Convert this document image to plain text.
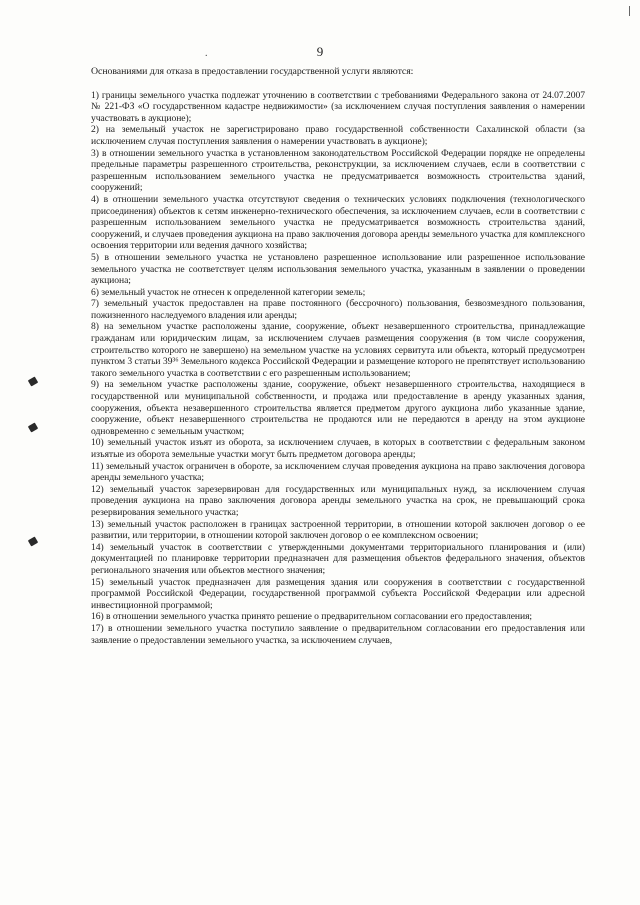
9
.

Основаниями для отказа в предоставлении государственной услуги являются:

1) границы земельного участка подлежат уточнению в соответствии с требованиями Федерального закона от 24.07.2007 № 221-ФЗ «О государственном кадастре недвижимости» (за исключением случая поступления заявления о намерении участвовать в аукционе);

2) на земельный участок не зарегистрировано право государственной собственности Сахалинской области (за исключением случая поступления заявления о намерении участвовать в аукционе);

3) в отношении земельного участка в установленном законодательством Российской Федерации порядке не определены предельные параметры разрешенного строительства, реконструкции, за исключением случаев, если в соответствии с разрешенным использованием земельного участка не предусматривается возможность строительства зданий, сооружений;

4) в отношении земельного участка отсутствуют сведения о технических условиях подключения (технологического присоединения) объектов к сетям инженерно-технического обеспечения, за исключением случаев, если в соответствии с разрешенным использованием земельного участка не предусматривается возможность строительства зданий, сооружений, и случаев проведения аукциона на право заключения договора аренды земельного участка для комплексного освоения территории или ведения дачного хозяйства;

5) в отношении земельного участка не установлено разрешенное использование или разрешенное использование земельного участка не соответствует целям использования земельного участка, указанным в заявлении о проведении аукциона;

6) земельный участок не отнесен к определенной категории земель;

7) земельный участок предоставлен на праве постоянного (бессрочного) пользования, безвозмездного пользования, пожизненного наследуемого владения или аренды;

8) на земельном участке расположены здание, сооружение, объект незавершенного строительства, принадлежащие гражданам или юридическим лицам, за исключением случаев размещения сооружения (в том числе сооружения, строительство которого не завершено) на земельном участке на условиях сервитута или объекта, который предусмотрен пунктом 3 статьи 39³⁶ Земельного кодекса Российской Федерации и размещение которого не препятствует использованию такого земельного участка в соответствии с его разрешенным использованием;

9) на земельном участке расположены здание, сооружение, объект незавершенного строительства, находящиеся в государственной или муниципальной собственности, и продажа или предоставление в аренду указанных здания, сооружения, объекта незавершенного строительства является предметом другого аукциона либо указанные здание, сооружение, объект незавершенного строительства не продаются или не передаются в аренду на этом аукционе одновременно с земельным участком;

10) земельный участок изъят из оборота, за исключением случаев, в которых в соответствии с федеральным законом изъятые из оборота земельные участки могут быть предметом договора аренды;

11) земельный участок ограничен в обороте, за исключением случая проведения аукциона на право заключения договора аренды земельного участка;

12) земельный участок зарезервирован для государственных или муниципальных нужд, за исключением случая проведения аукциона на право заключения договора аренды земельного участка на срок, не превышающий срока резервирования земельного участка;

13) земельный участок расположен в границах застроенной территории, в отношении которой заключен договор о ее развитии, или территории, в отношении которой заключен договор о ее комплексном освоении;

14) земельный участок в соответствии с утвержденными документами территориального планирования и (или) документацией по планировке территории предназначен для размещения объектов федерального значения, объектов регионального значения или объектов местного значения;

15) земельный участок предназначен для размещения здания или сооружения в соответствии с государственной программой Российской Федерации, государственной программой субъекта Российской Федерации или адресной инвестиционной программой;

16) в отношении земельного участка принято решение о предварительном согласовании его предоставления;

17) в отношении земельного участка поступило заявление о предварительном согласовании его предоставления или заявление о предоставлении земельного участка, за исключением случаев,
